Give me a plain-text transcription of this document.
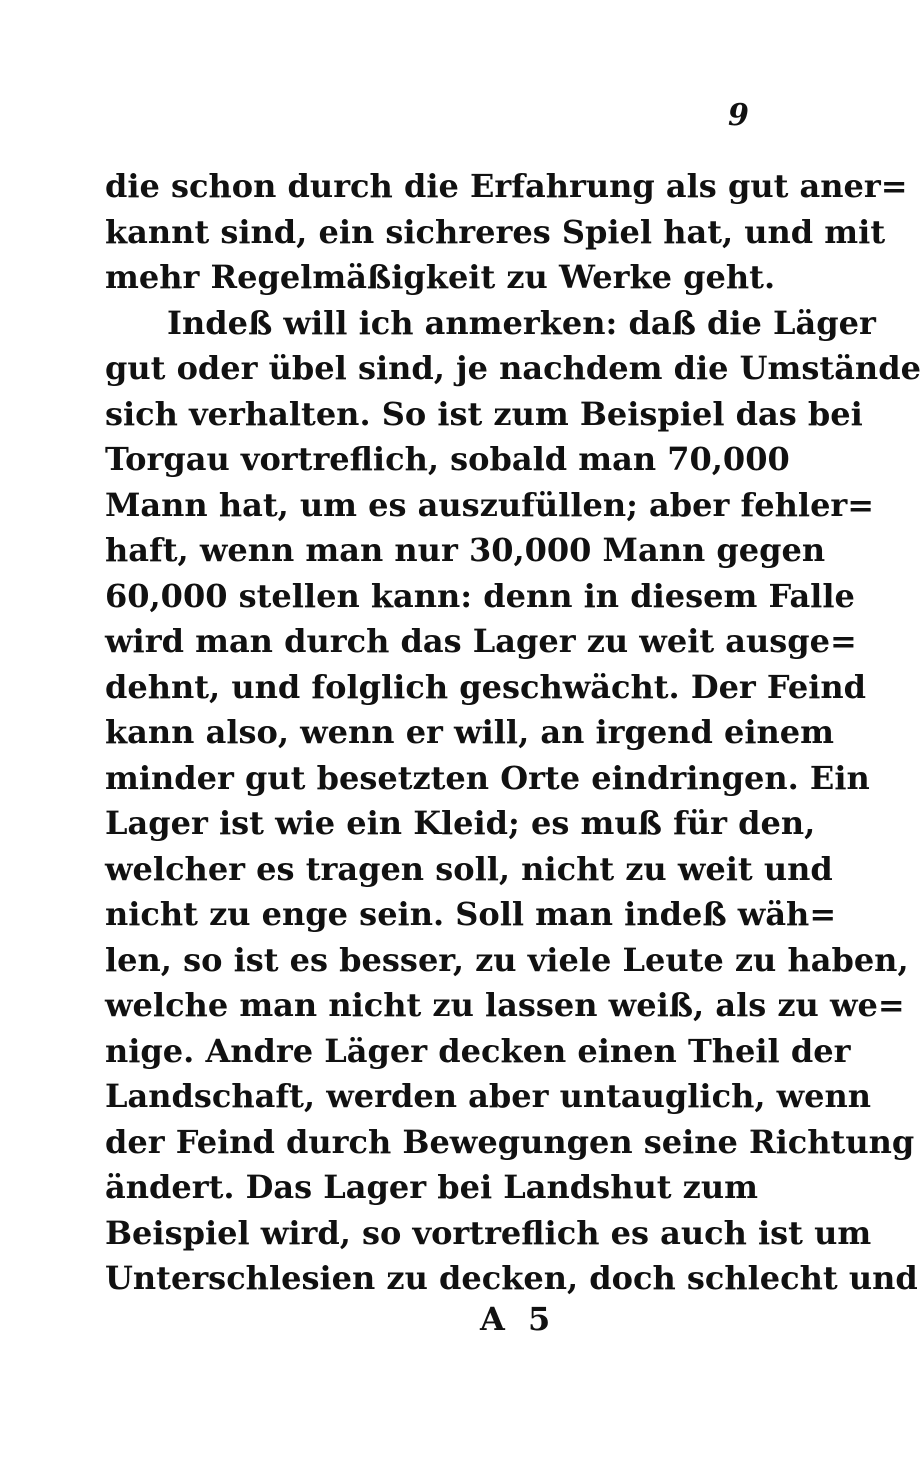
9
die schon durch die Erfahrung als gut aner=
kannt sind, ein sichreres Spiel hat, und mit
mehr Regelmäßigkeit zu Werke geht.
Indeß will ich anmerken: daß die Läger
gut oder übel sind, je nachdem die Umstände
sich verhalten. So ist zum Beispiel das bei
Torgau vortreflich, sobald man 70,000
Mann hat, um es auszufüllen; aber fehler=
haft, wenn man nur 30,000 Mann gegen
60,000 stellen kann: denn in diesem Falle
wird man durch das Lager zu weit ausge=
dehnt, und folglich geschwächt. Der Feind
kann also, wenn er will, an irgend einem
minder gut besetzten Orte eindringen. Ein
Lager ist wie ein Kleid; es muß für den,
welcher es tragen soll, nicht zu weit und
nicht zu enge sein. Soll man indeß wäh=
len, so ist es besser, zu viele Leute zu haben,
welche man nicht zu lassen weiß, als zu we=
nige. Andre Läger decken einen Theil der
Landschaft, werden aber untauglich, wenn
der Feind durch Bewegungen seine Richtung
ändert. Das Lager bei Landshut zum
Beispiel wird, so vortreflich es auch ist um
Unterschlesien zu decken, doch schlecht und
A 5
